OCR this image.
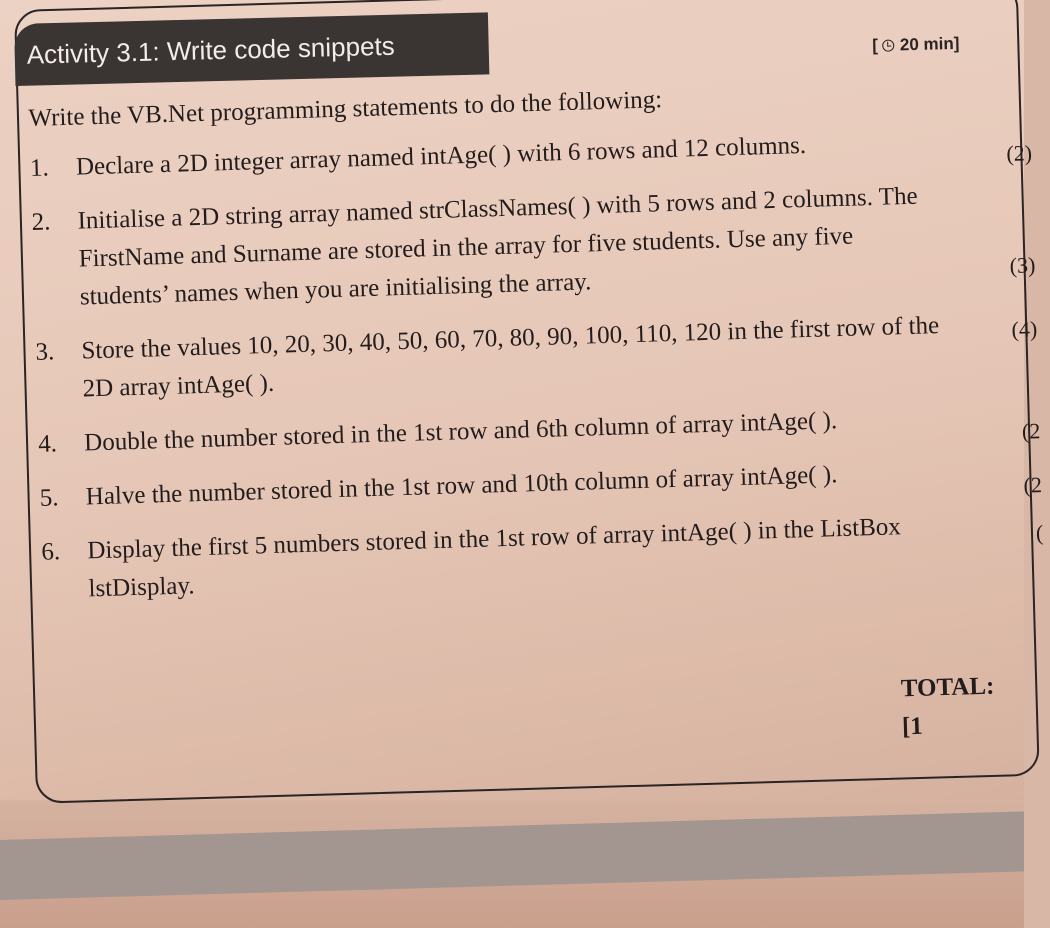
Activity 3.1: Write code snippets	[ 20 min]
Write the VB.Net programming statements to do the following:
1. Declare a 2D integer array named intAge( ) with 6 rows and 12 columns.	(2)
2. Initialise a 2D string array named strClassNames( ) with 5 rows and 2 columns. The FirstName and Surname are stored in the array for five students. Use any five students’ names when you are initialising the array.
(3)
3. Store the values 10, 20, 30, 40, 50, 60, 70, 80, 90, 100, 110, 120 in the first row of the 2D array intAge( ).
(4)
4. Double the number stored in the 1st row and 6th column of array intAge( ).	(2
5. Halve the number stored in the 1st row and 10th column of array intAge( ).	(2
6. Display the first 5 numbers stored in the 1st row of array intAge( ) in the ListBox lstDisplay.
(
TOTAL: [1
